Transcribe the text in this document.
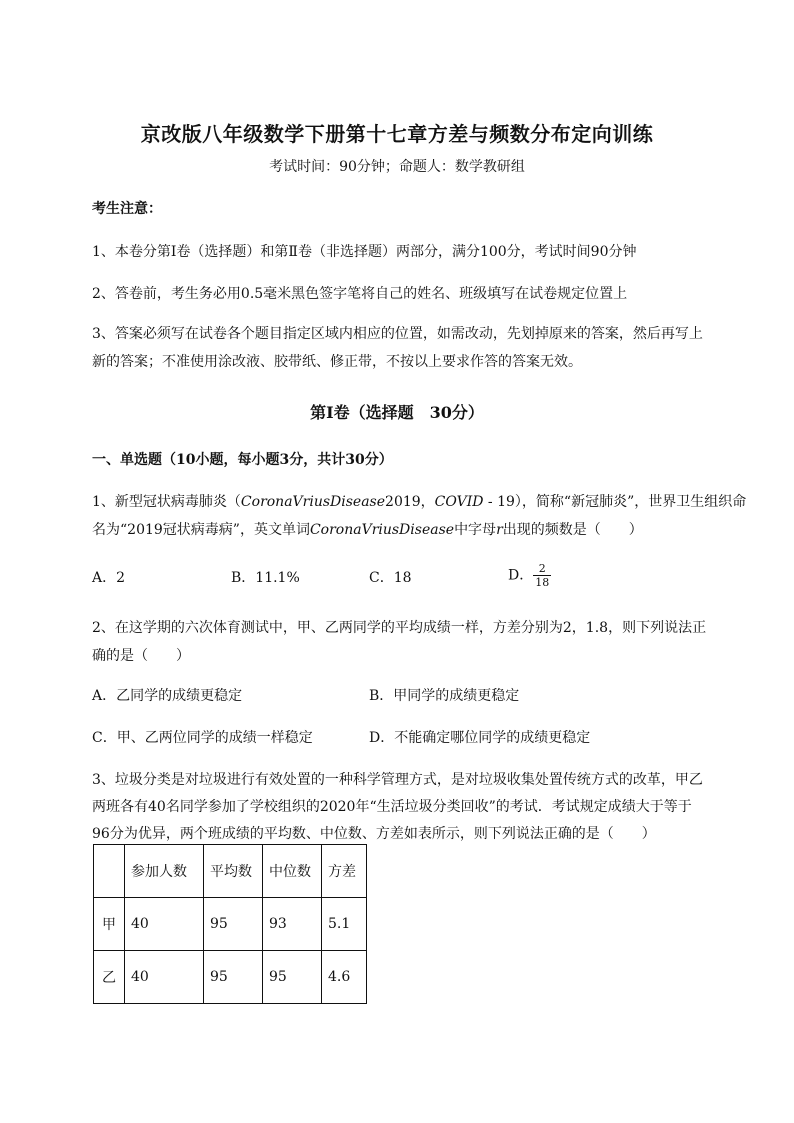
京改版八年级数学下册第十七章方差与频数分布定向训练
考试时间：90分钟；命题人：数学教研组
考生注意：
1、本卷分第Ⅰ卷（选择题）和第Ⅱ卷（非选择题）两部分，满分100分，考试时间90分钟
2、答卷前，考生务必用0.5毫米黑色签字笔将自己的姓名、班级填写在试卷规定位置上
3、答案必须写在试卷各个题目指定区域内相应的位置，如需改动，先划掉原来的答案，然后再写上新的答案；不准使用涂改液、胶带纸、修正带，不按以上要求作答的答案无效。
第Ⅰ卷（选择题　30分）
一、单选题（10小题，每小题3分，共计30分）
1、新型冠状病毒肺炎（CoronaVriusDisease2019，COVID - 19），简称“新冠肺炎”，世界卫生组织命
名为“2019冠状病毒病”，英文单词CoronaVriusDisease中字母r出现的频数是（　　）
A．2	B．11.1%	C．18	D． $\frac{2}{18}$
2、在这学期的六次体育测试中，甲、乙两同学的平均成绩一样，方差分别为2，1.8，则下列说法正
确的是（　　）
A．乙同学的成绩更稳定	B．甲同学的成绩更稳定
C．甲、乙两位同学的成绩一样稳定	D．不能确定哪位同学的成绩更稳定
3、垃圾分类是对垃圾进行有效处置的一种科学管理方式，是对垃圾收集处置传统方式的改革，甲乙
两班各有40名同学参加了学校组织的2020年“生活垃圾分类回收”的考试．考试规定成绩大于等于
96分为优异，两个班成绩的平均数、中位数、方差如表所示，则下列说法正确的是（　　）
	参加人数	平均数	中位数	方差
甲	40	95	93	5.1
乙	40	95	95	4.6
